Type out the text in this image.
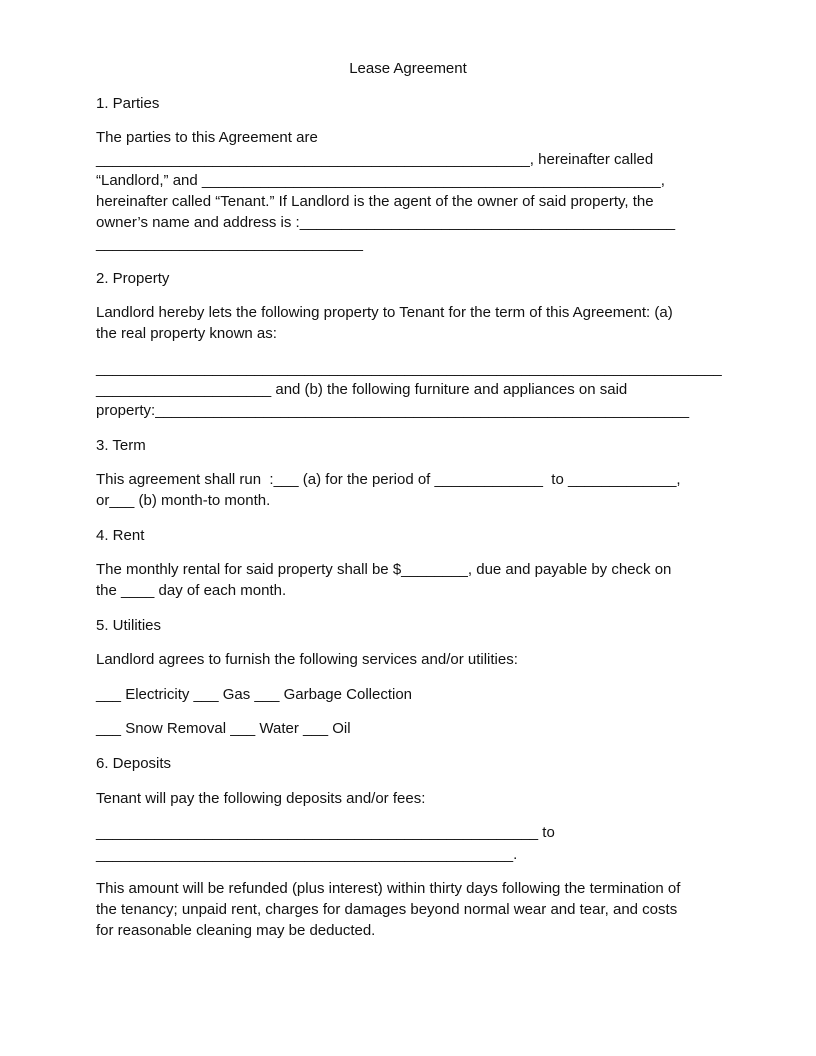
Lease Agreement

1. Parties

The parties to this Agreement are

____________________________________________________, hereinafter called

“Landlord,” and _______________________________________________________,

hereinafter called “Tenant.” If Landlord is the agent of the owner of said property, the

owner’s name and address is :_____________________________________________

________________________________

2. Property

Landlord hereby lets the following property to Tenant for the term of this Agreement: (a)

the real property known as:

___________________________________________________________________________

_____________________ and (b) the following furniture and appliances on said

property:________________________________________________________________

3. Term

This agreement shall run  :___ (a) for the period of _____________  to _____________,

or___ (b) month-to month.

4. Rent

The monthly rental for said property shall be $________, due and payable by check on

the ____ day of each month.

5. Utilities

Landlord agrees to furnish the following services and/or utilities:

___ Electricity ___ Gas ___ Garbage Collection

___ Snow Removal ___ Water ___ Oil

6. Deposits

Tenant will pay the following deposits and/or fees:

_____________________________________________________ to

__________________________________________________.

This amount will be refunded (plus interest) within thirty days following the termination of

the tenancy; unpaid rent, charges for damages beyond normal wear and tear, and costs

for reasonable cleaning may be deducted.
